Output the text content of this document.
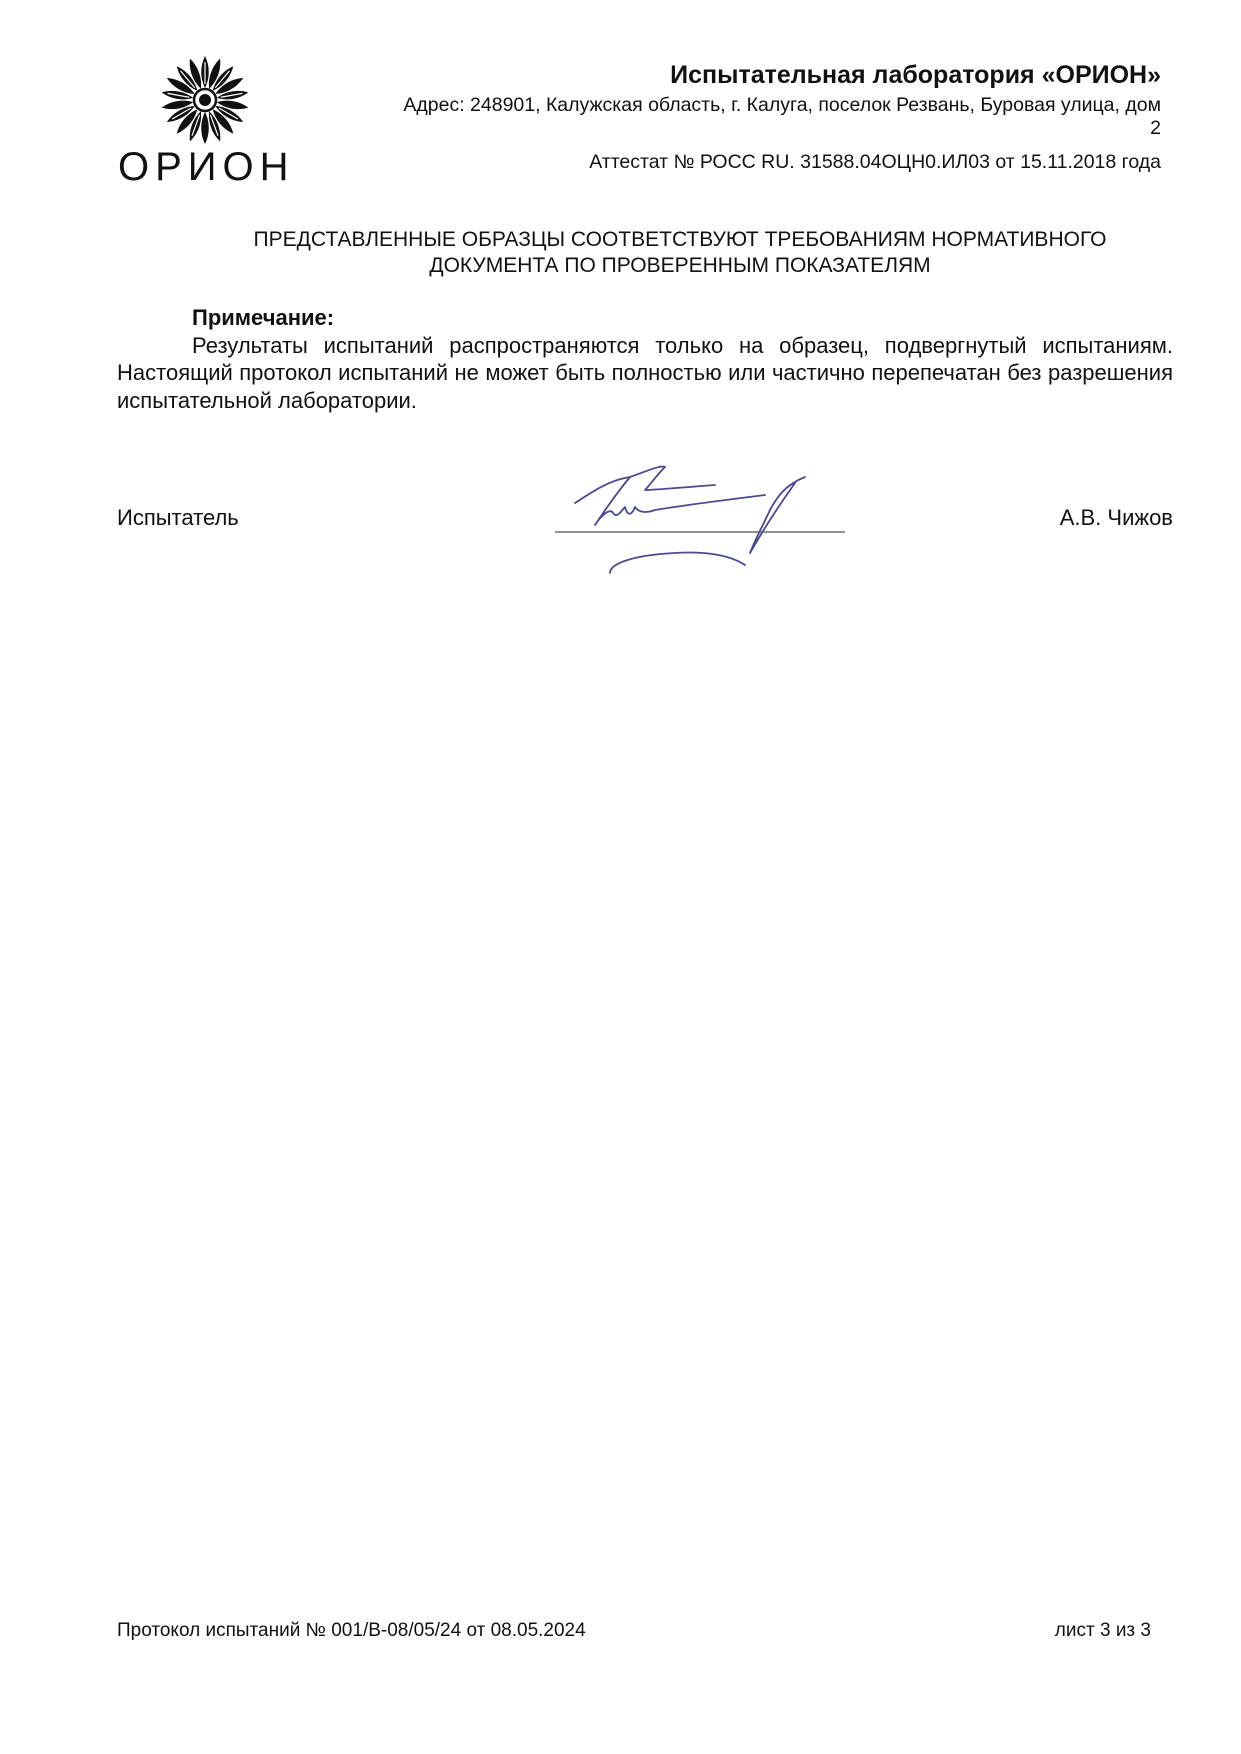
ОРИОН
Испытательная лаборатория «ОРИОН»
Адрес: 248901, Калужская область, г. Калуга, поселок Резвань, Буровая улица, дом
2
Аттестат № РОСС RU. 31588.04ОЦН0.ИЛ03 от 15.11.2018 года
ПРЕДСТАВЛЕННЫЕ ОБРАЗЦЫ СООТВЕТСТВУЮТ ТРЕБОВАНИЯМ НОРМАТИВНОГО
ДОКУМЕНТА ПО ПРОВЕРЕННЫМ ПОКАЗАТЕЛЯМ
Примечание:
Результаты испытаний распространяются только на образец, подвергнутый испытаниям. Настоящий протокол испытаний не может быть полностью или частично перепечатан без разрешения испытательной лаборатории.
Испытатель	А.В. Чижов
Протокол испытаний № 001/В-08/05/24 от 08.05.2024	лист 3 из 3
